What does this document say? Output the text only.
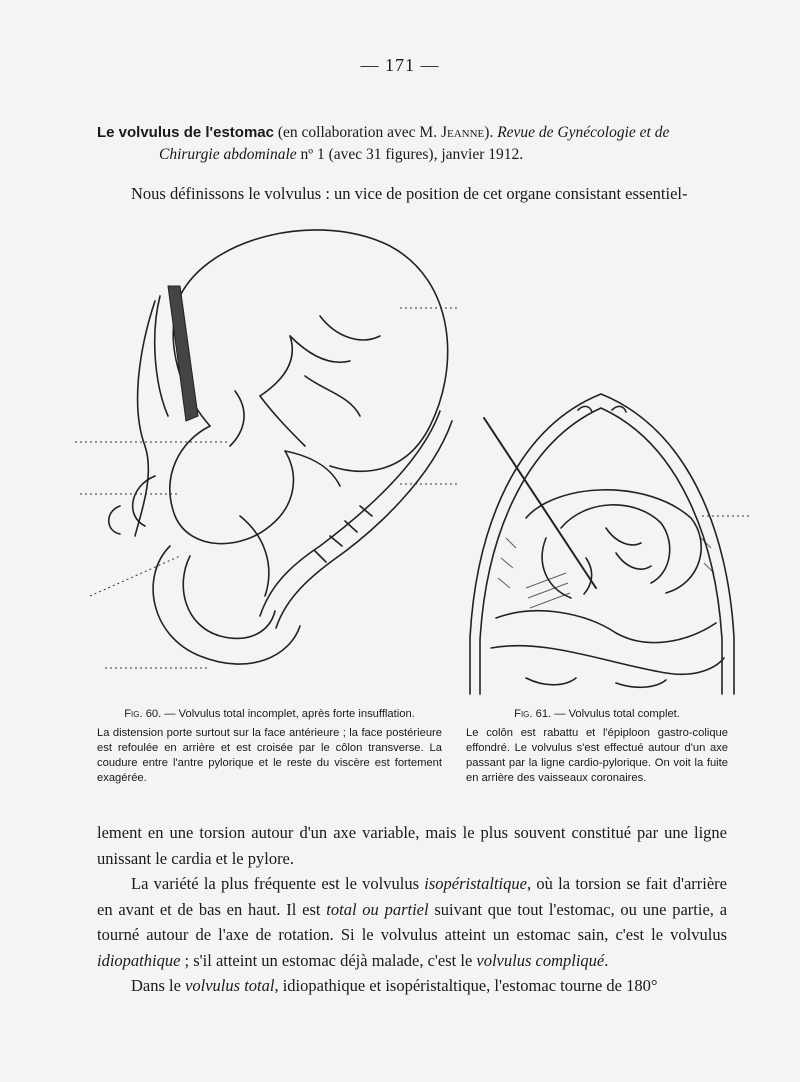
— 171 —
Le volvulus de l'estomac (en collaboration avec M. Jeanne). Revue de Gynécologie et de
Chirurgie abdominale nº 1 (avec 31 figures), janvier 1912.
Nous définissons le volvulus : un vice de position de cet organe consistant essentiel-
Fig. 60. — Volvulus total incomplet, après forte insufflation.
La distension porte surtout sur la face antérieure ; la face postérieure est refoulée en arrière et est croisée par le côlon transverse. La coudure entre l'antre pylorique et le reste du viscère est fortement exagérée.
Fig. 61. — Volvulus total complet.
Le colôn est rabattu et l'épiploon gastro-colique effondré. Le volvulus s'est effectué autour d'un axe passant par la ligne cardio-pylorique. On voit la fuite en arrière des vaisseaux coronaires.

lement en une torsion autour d'un axe variable, mais le plus souvent constitué par une ligne unissant le cardia et le pylore.

La variété la plus fréquente est le volvulus isopéristaltique, où la torsion se fait d'arrière en avant et de bas en haut. Il est total ou partiel suivant que tout l'estomac, ou une partie, a tourné autour de l'axe de rotation. Si le volvulus atteint un estomac sain, c'est le volvulus idiopathique ; s'il atteint un estomac déjà malade, c'est le volvulus compliqué.

Dans le volvulus total, idiopathique et isopéristaltique, l'estomac tourne de 180°
